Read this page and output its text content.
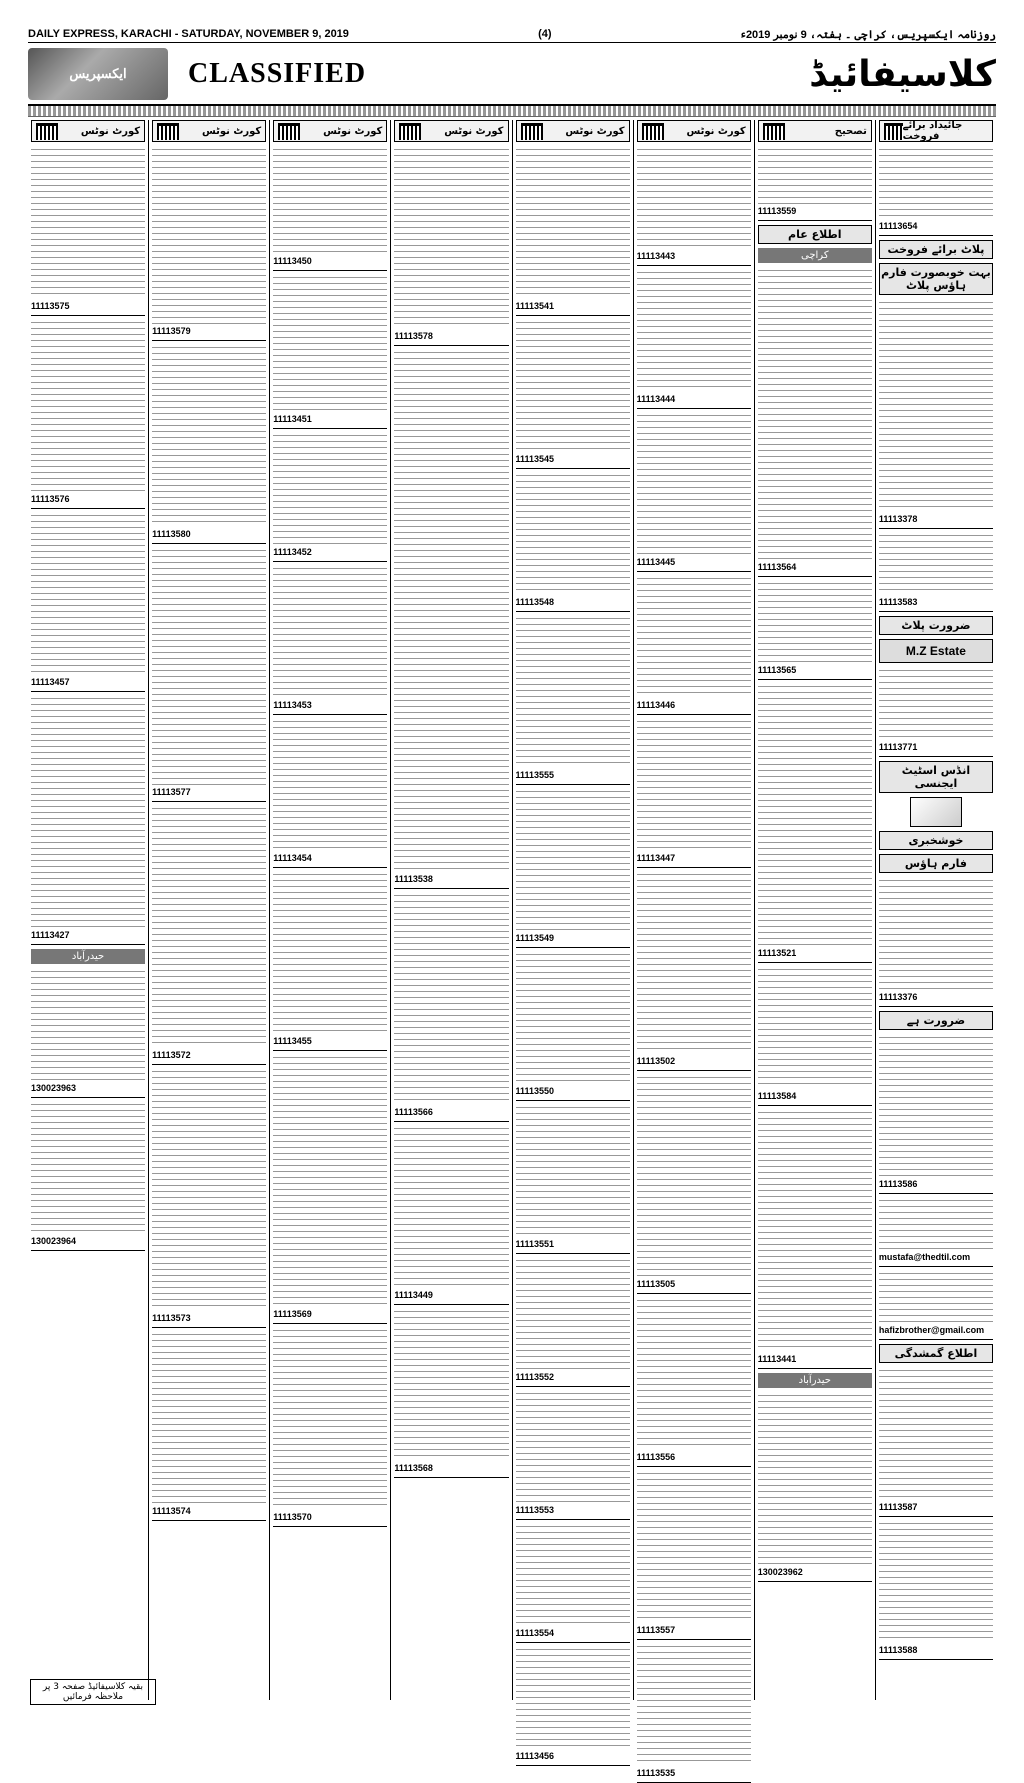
DAILY EXPRESS, KARACHI - SATURDAY, NOVEMBER 9, 2019	(4)	روزنامہ ایکسپریس، کراچی ۔ ہفتہ، 9 نومبر 2019ء
ایکسپریس CLASSIFIED	کلاسیفائیڈ
کورٹ نوٹس
11113575
11113576
11113457
11113427
حیدرآباد
130023963
130023964
کورٹ نوٹس
11113579
11113580
11113577
11113572
11113573
11113574
کورٹ نوٹس
11113450
11113451
11113452
11113453
11113454
11113455
11113569
11113570
کورٹ نوٹس
11113578
11113538
11113566
11113449
11113568
کورٹ نوٹس
11113541
11113545
11113548
11113555
11113549
11113550
11113551
11113552
11113553
11113554
11113456
کورٹ نوٹس
11113443
11113444
11113445
11113446
11113447
11113502
11113505
11113556
11113557
11113535
تصحیح
11113559
اطلاع عام
کراچی
11113564
11113565
11113521
11113584
11113441
حیدرآباد
130023962
جائیداد برائے فروخت
11113654
پلاٹ برائے فروخت
بہت خوبصورت فارم ہاؤس پلاٹ
11113378
11113583
ضرورت پلاٹ
M.Z Estate
11113771
انڈس اسٹیٹ ایجنسی
خوشخبری
فارم ہاؤس
11113376
ضرورت ہے
11113586
mustafa@thedtil.com
hafizbrother@gmail.com
اطلاع گمشدگی
11113587
11113588
بقیہ کلاسیفائیڈ صفحہ 3 پر ملاحظہ فرمائیں
